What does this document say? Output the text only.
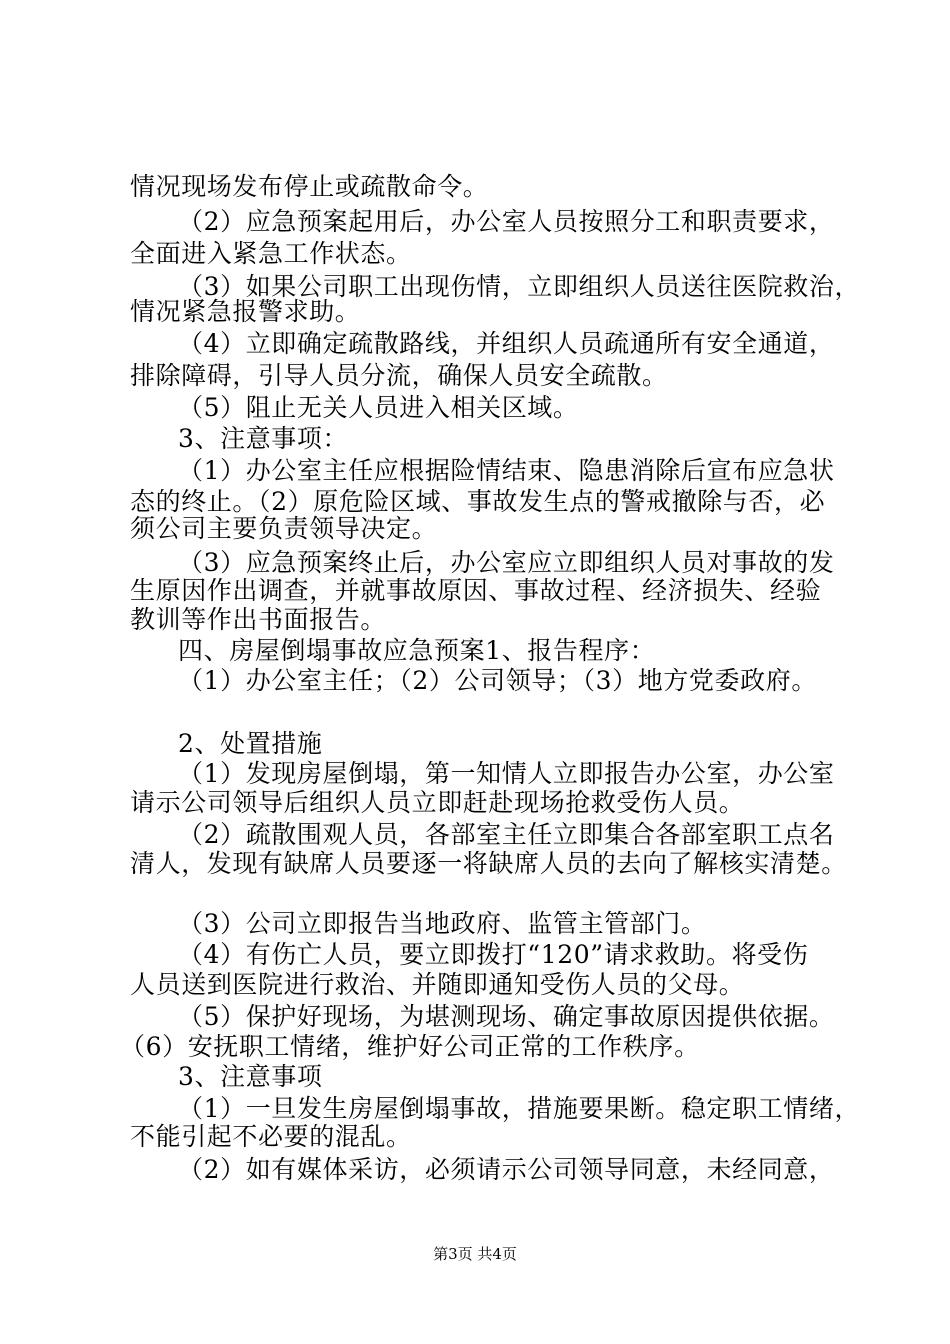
情况现场发布停止或疏散命令。
（2）应急预案起用后，办公室人员按照分工和职责要求，
全面进入紧急工作状态。
（3）如果公司职工出现伤情，立即组织人员送往医院救治，
情况紧急报警求助。
（4）立即确定疏散路线，并组织人员疏通所有安全通道，
排除障碍，引导人员分流，确保人员安全疏散。
（5）阻止无关人员进入相关区域。
3、注意事项：
（1）办公室主任应根据险情结束、隐患消除后宣布应急状
态的终止。（2）原危险区域、事故发生点的警戒撤除与否，必
须公司主要负责领导决定。
（3）应急预案终止后，办公室应立即组织人员对事故的发
生原因作出调查，并就事故原因、事故过程、经济损失、经验
教训等作出书面报告。
四、房屋倒塌事故应急预案1、报告程序：
（1）办公室主任；（2）公司领导；（3）地方党委政府。
2、处置措施
（1）发现房屋倒塌，第一知情人立即报告办公室，办公室
请示公司领导后组织人员立即赶赴现场抢救受伤人员。
（2）疏散围观人员，各部室主任立即集合各部室职工点名
清人，发现有缺席人员要逐一将缺席人员的去向了解核实清楚。
（3）公司立即报告当地政府、监管主管部门。
（4）有伤亡人员，要立即拨打“120”请求救助。将受伤
人员送到医院进行救治、并随即通知受伤人员的父母。
（5）保护好现场，为堪测现场、确定事故原因提供依据。
（6）安抚职工情绪，维护好公司正常的工作秩序。
3、注意事项
（1）一旦发生房屋倒塌事故，措施要果断。稳定职工情绪，
不能引起不必要的混乱。
（2）如有媒体采访，必须请示公司领导同意，未经同意，
第3页 共4页
